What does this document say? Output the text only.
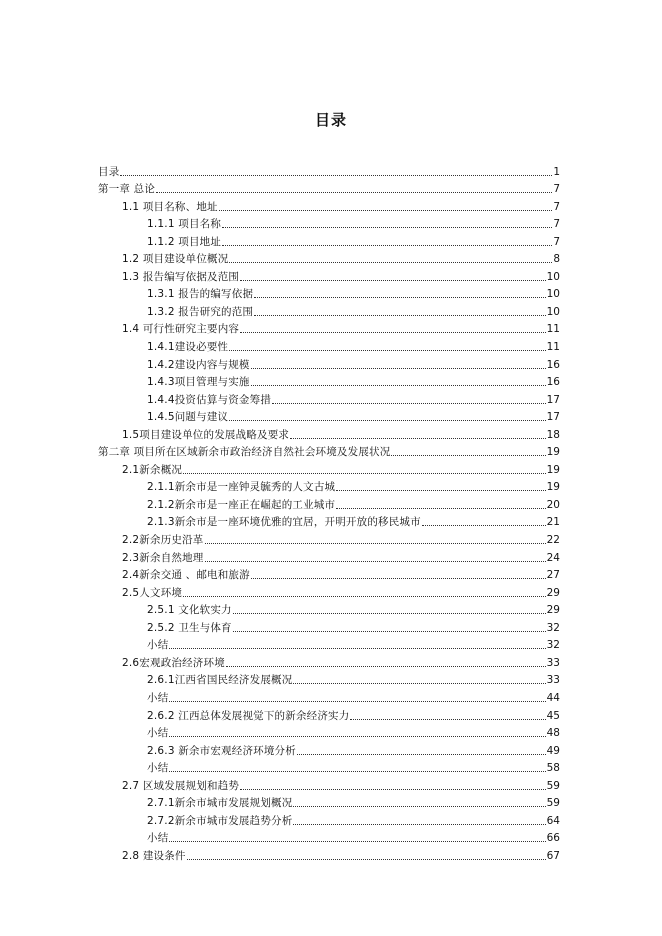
目录
目录	1
第一章 总论	7
1.1 项目名称、地址	7
1.1.1 项目名称	7
1.1.2 项目地址	7
1.2 项目建设单位概况	8
1.3 报告编写依据及范围	10
1.3.1 报告的编写依据	10
1.3.2 报告研究的范围	10
1.4 可行性研究主要内容	11
1.4.1建设必要性	11
1.4.2建设内容与规模	16
1.4.3项目管理与实施	16
1.4.4投资估算与资金筹措	17
1.4.5问题与建议	17
1.5项目建设单位的发展战略及要求	18
第二章 项目所在区域新余市政治经济自然社会环境及发展状况	19
2.1新余概况	19
2.1.1新余市是一座钟灵毓秀的人文古城	19
2.1.2新余市是一座正在崛起的工业城市	20
2.1.3新余市是一座环境优雅的宜居，开明开放的移民城市	21
2.2新余历史沿革	22
2.3新余自然地理	24
2.4新余交通 、邮电和旅游	27
2.5人文环境	29
2.5.1 文化软实力	29
2.5.2 卫生与体育	32
小结	32
2.6宏观政治经济环境	33
2.6.1江西省国民经济发展概况	33
小结	44
2.6.2 江西总体发展视觉下的新余经济实力	45
小结	48
2.6.3 新余市宏观经济环境分析	49
小结	58
2.7 区域发展规划和趋势	59
2.7.1新余市城市发展规划概况	59
2.7.2新余市城市发展趋势分析	64
小结	66
2.8 建设条件	67
